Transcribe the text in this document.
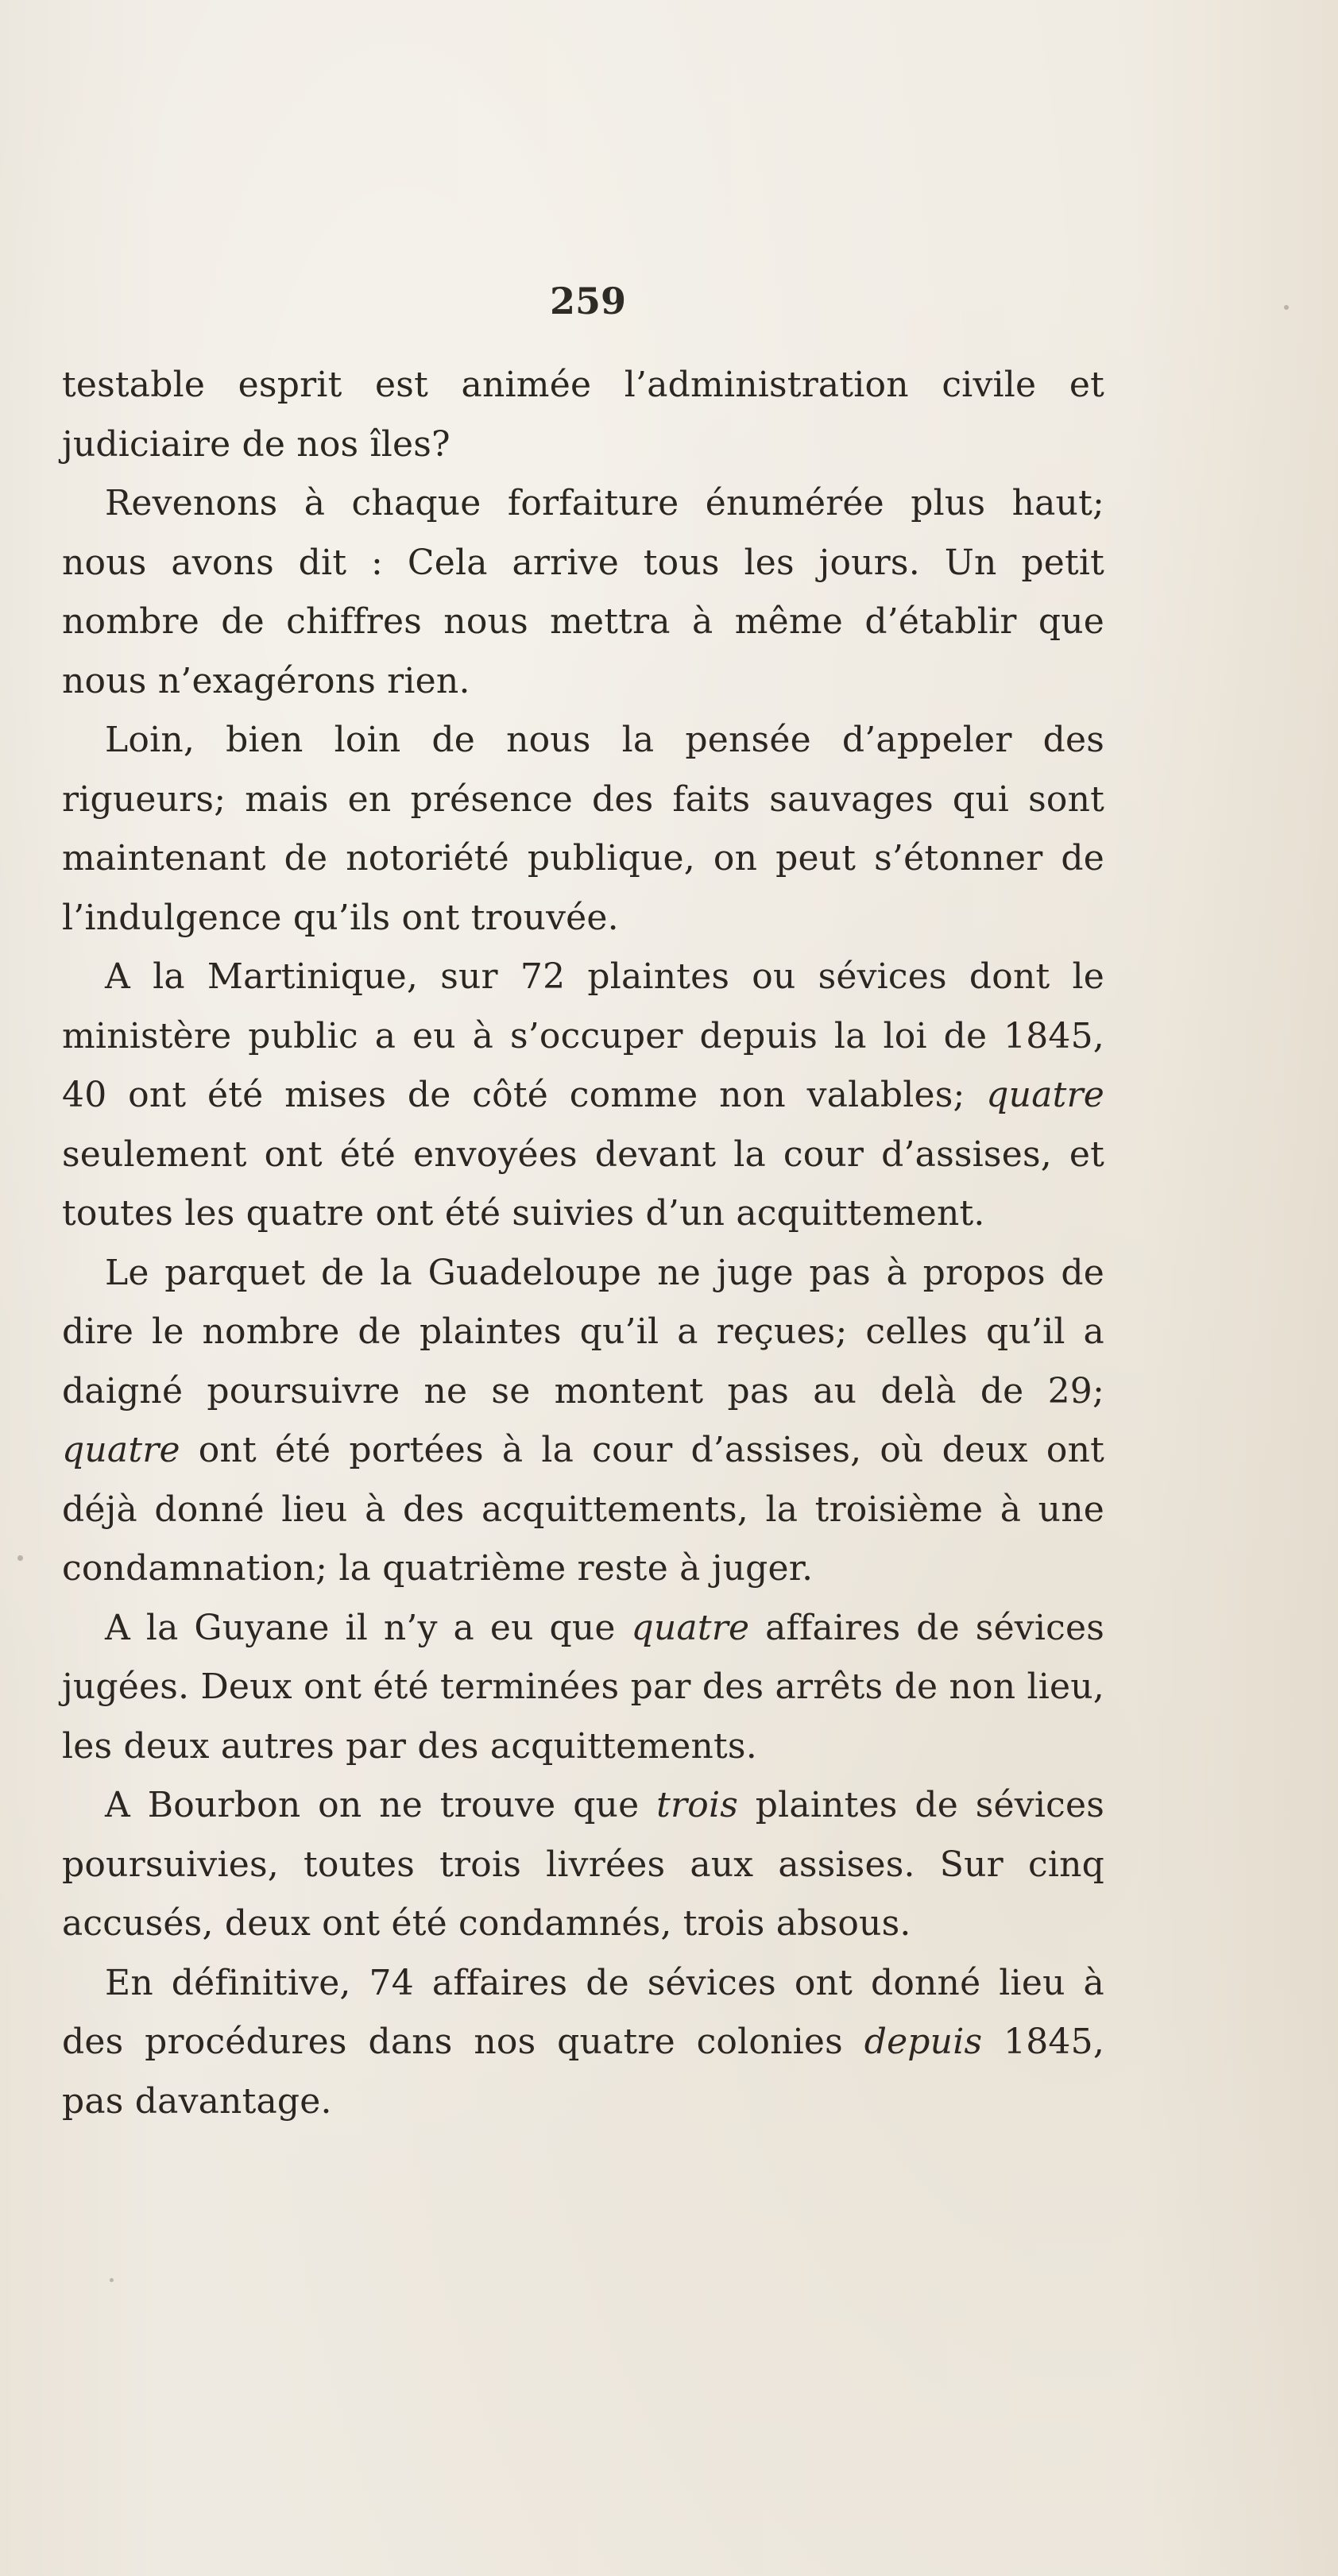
259

testable esprit est animée l’administration civile et judiciaire de nos îles?

Revenons à chaque forfaiture énumérée plus haut; nous avons dit : Cela arrive tous les jours. Un petit nombre de chiffres nous mettra à même d’établir que nous n’exagérons rien.

Loin, bien loin de nous la pensée d’appeler des rigueurs; mais en présence des faits sauvages qui sont maintenant de notoriété publique, on peut s’étonner de l’indulgence qu’ils ont trouvée.

A la Martinique, sur 72 plaintes ou sévices dont le ministère public a eu à s’occuper depuis la loi de 1845, 40 ont été mises de côté comme non valables; quatre seulement ont été envoyées devant la cour d’assises, et toutes les quatre ont été suivies d’un acquittement.

Le parquet de la Guadeloupe ne juge pas à propos de dire le nombre de plaintes qu’il a reçues; celles qu’il a daigné poursuivre ne se montent pas au delà de 29; quatre ont été portées à la cour d’assises, où deux ont déjà donné lieu à des acquittements, la troisième à une condamnation; la quatrième reste à juger.

A la Guyane il n’y a eu que quatre affaires de sévices jugées. Deux ont été terminées par des arrêts de non lieu, les deux autres par des acquittements.

A Bourbon on ne trouve que trois plaintes de sévices poursuivies, toutes trois livrées aux assises. Sur cinq accusés, deux ont été condamnés, trois absous.

En définitive, 74 affaires de sévices ont donné lieu à des procédures dans nos quatre colonies depuis 1845, pas davantage.
